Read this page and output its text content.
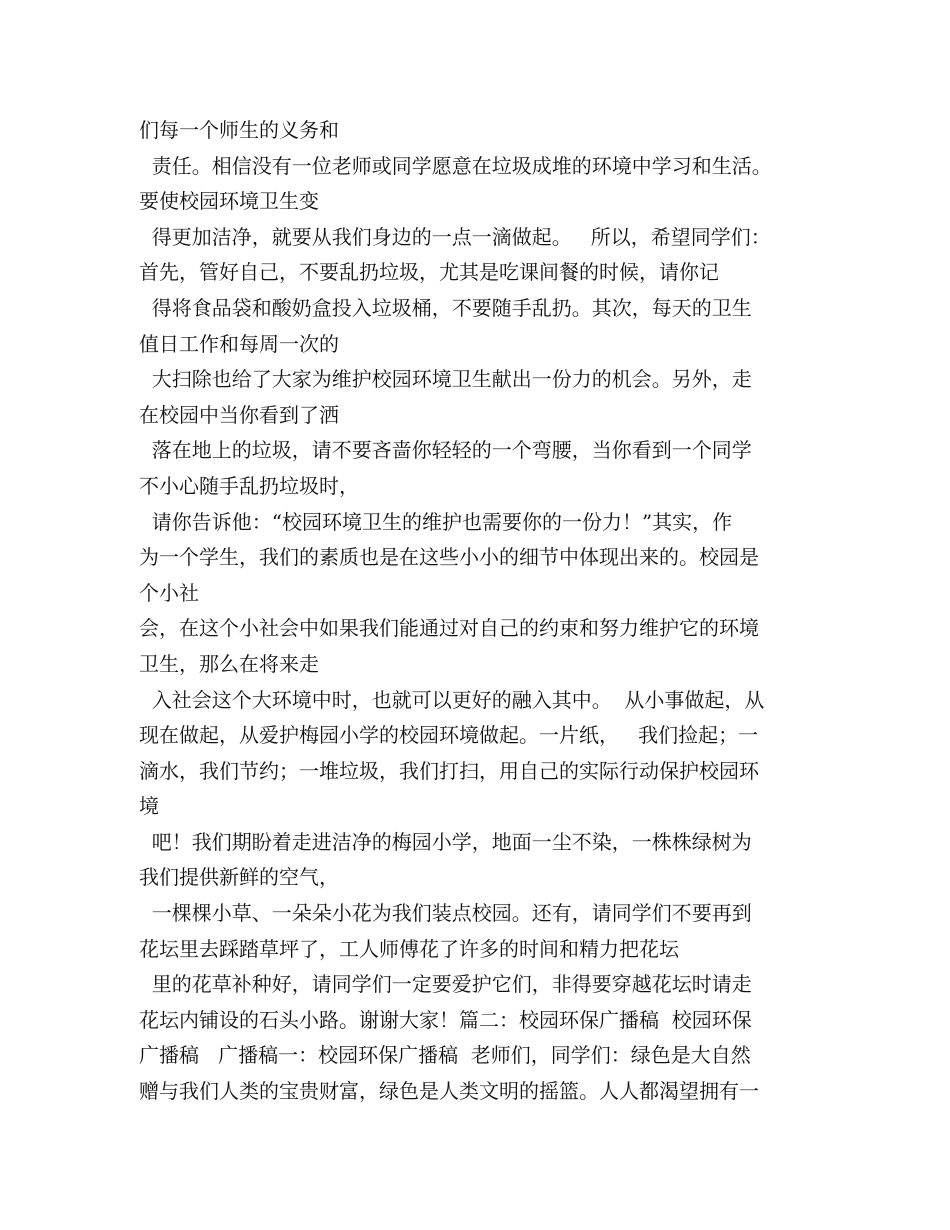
们每一个师生的义务和
责任。相信没有一位老师或同学愿意在垃圾成堆的环境中学习和生活。
要使校园环境卫生变
得更加洁净，就要从我们身边的一点一滴做起。   所以，希望同学们：
首先，管好自己，不要乱扔垃圾，尤其是吃课间餐的时候，请你记
得将食品袋和酸奶盒投入垃圾桶，不要随手乱扔。其次，每天的卫生
值日工作和每周一次的
大扫除也给了大家为维护校园环境卫生献出一份力的机会。另外，走
在校园中当你看到了洒
落在地上的垃圾，请不要吝啬你轻轻的一个弯腰，当你看到一个同学
不小心随手乱扔垃圾时，
请你告诉他：“校园环境卫生的维护也需要你的一份力！”其实，作
为一个学生，我们的素质也是在这些小小的细节中体现出来的。校园是
个小社
会，在这个小社会中如果我们能通过对自己的约束和努力维护它的环境
卫生，那么在将来走
入社会这个大环境中时，也就可以更好的融入其中。  从小事做起，从
现在做起，从爱护梅园小学的校园环境做起。一片纸，   我们捡起；一
滴水，我们节约；一堆垃圾，我们打扫，用自己的实际行动保护校园环
境
吧！我们期盼着走进洁净的梅园小学，地面一尘不染，一株株绿树为
我们提供新鲜的空气，
一棵棵小草、一朵朵小花为我们装点校园。还有，请同学们不要再到
花坛里去踩踏草坪了，工人师傅花了许多的时间和精力把花坛
里的花草补种好，请同学们一定要爱护它们，非得要穿越花坛时请走
花坛内铺设的石头小路。谢谢大家！篇二：校园环保广播稿  校园环保
广播稿   广播稿一：校园环保广播稿  老师们，同学们：绿色是大自然
赠与我们人类的宝贵财富，绿色是人类文明的摇篮。人人都渴望拥有一
